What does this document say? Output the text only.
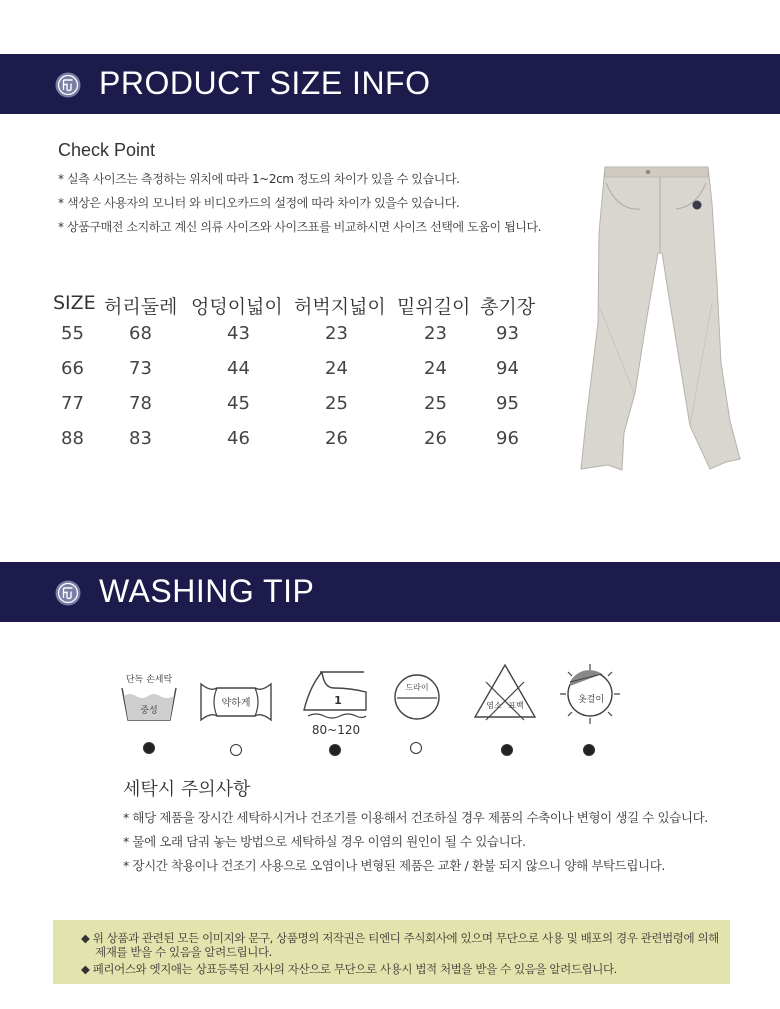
PRODUCT SIZE INFO
Check Point
* 실측 사이즈는 측정하는 위치에 따라 1~2cm 정도의 차이가 있을 수 있습니다.
* 색상은 사용자의 모니터 와 비디오카드의 설정에 따라 차이가 있을수 있습니다.
* 상품구매전 소지하고 계신 의류 사이즈와 사이즈표를 비교하시면 사이즈 선택에 도움이 됩니다.
SIZE 허리둘레 엉덩이넓이 허벅지넓이 밑위길이 총기장
55	68	43	23	23	93
66	73	44	24	24	94
77	78	45	25	25	95
88	83	46	26	26	96
WASHING TIP
단독 손세탁
중성
약하게	1
80~120
드라이
염소 표백
옷걸이
세탁시 주의사항
* 해당 제품을 장시간 세탁하시거나 건조기를 이용해서 건조하실 경우 제품의 수축이나 변형이 생길 수 있습니다.
* 물에 오래 담궈 놓는 방법으로 세탁하실 경우 이염의 원인이 될 수 있습니다.
* 장시간 착용이나 건조기 사용으로 오염이나 변형된 제품은 교환 / 환불 되지 않으니 양해 부탁드립니다.
◆ 위 상품과 관련된 모든 이미지와 문구, 상품명의 저작권은 티엔디 주식회사에 있으며 무단으로 사용 및 배포의 경우 관련법령에 의해
제재를 받을 수 있음을 알려드립니다.
◆ 페리어스와 엣지애는 상표등록된 자사의 자산으로 무단으로 사용시 법적 처벌을 받을 수 있음을 알려드립니다.
